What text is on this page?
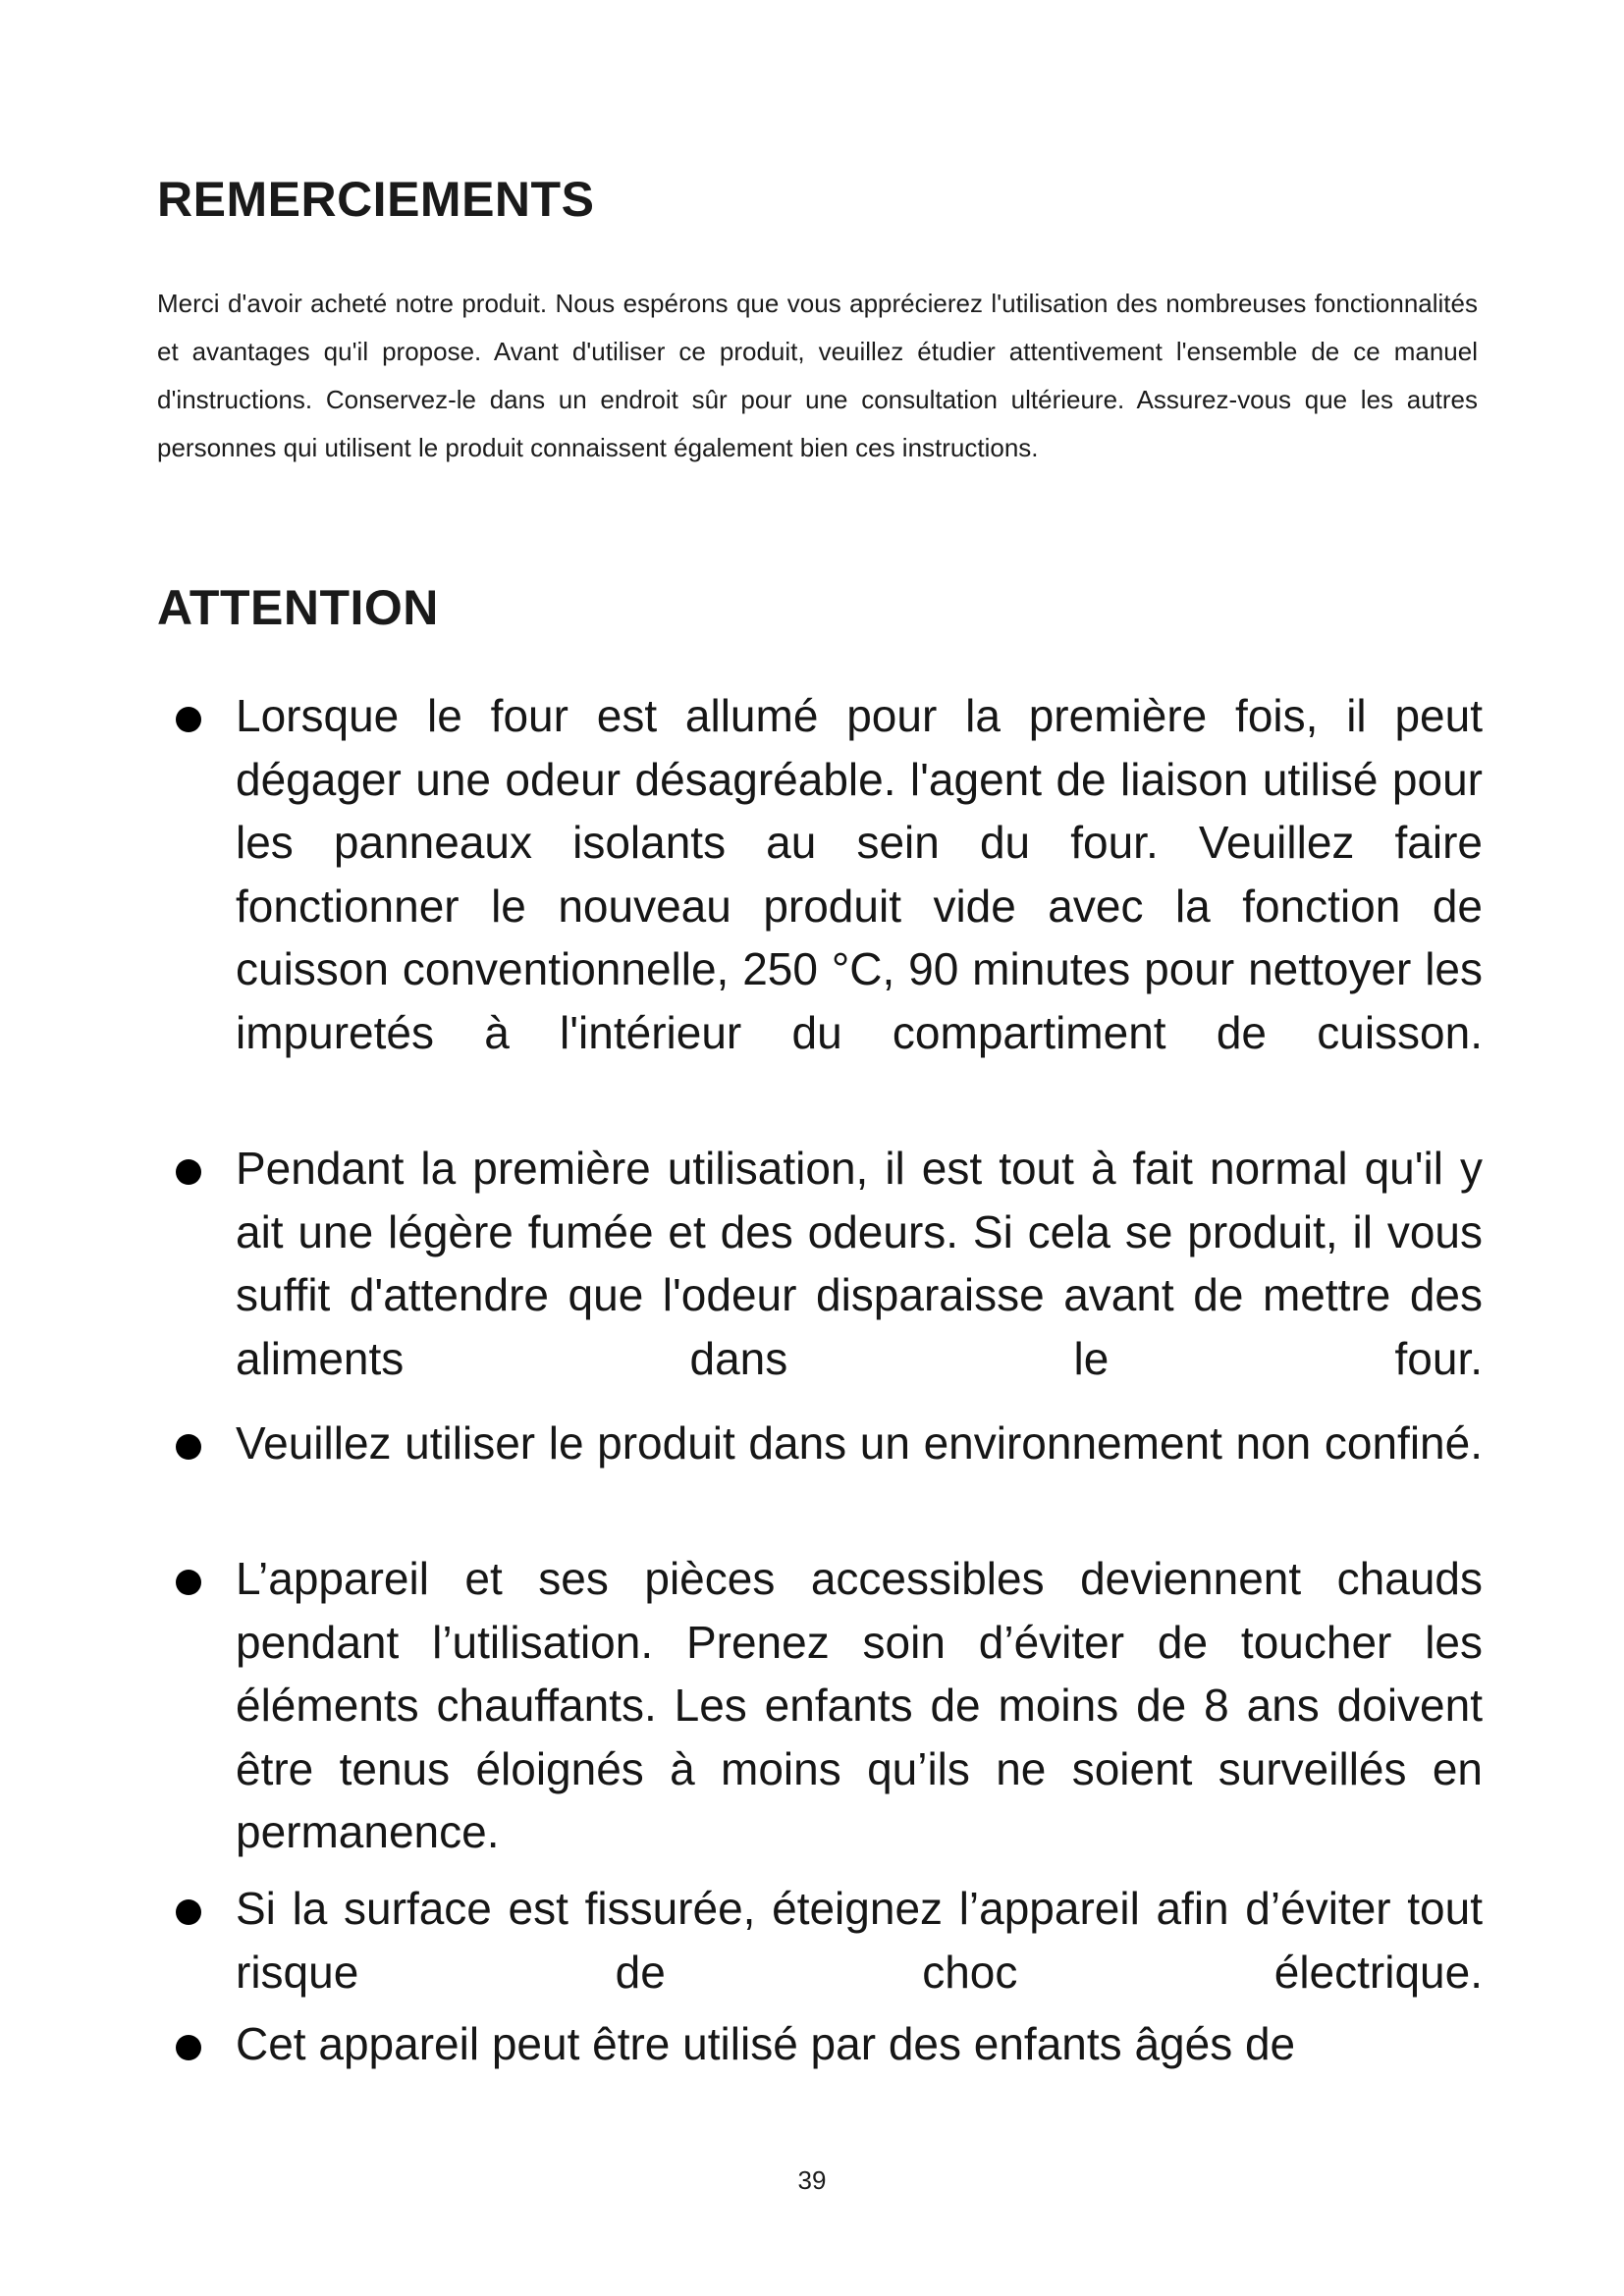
REMERCIEMENTS

Merci d'avoir acheté notre produit. Nous espérons que vous apprécierez l'utilisation des nombreuses fonctionnalités et avantages qu'il propose. Avant d'utiliser ce produit, veuillez étudier attentivement l'ensemble de ce manuel d'instructions. Conservez-le dans un endroit sûr pour une consultation ultérieure. Assurez-vous que les autres personnes qui utilisent le produit connaissent également bien ces instructions.

ATTENTION
Lorsque le four est allumé pour la première fois, il peut dégager une odeur désagréable. l'agent de liaison utilisé pour les panneaux isolants au sein du four. Veuillez faire fonctionner le nouveau produit vide avec la fonction de cuisson conventionnelle, 250 °C, 90 minutes pour nettoyer les impuretés à l'intérieur du compartiment de cuisson.
Pendant la première utilisation, il est tout à fait normal qu'il y ait une légère fumée et des odeurs. Si cela se produit, il vous suffit d'attendre que l'odeur disparaisse avant de mettre des aliments dans le four.
Veuillez utiliser le produit dans un environnement non confiné.
L’appareil et ses pièces accessibles deviennent chauds pendant l’utilisation. Prenez soin d’éviter de toucher les éléments chauffants. Les enfants de moins de 8 ans doivent être tenus éloignés à moins qu’ils ne soient surveillés en permanence.
Si la surface est fissurée, éteignez l’appareil afin d’éviter tout risque de choc électrique.
Cet appareil peut être utilisé par des enfants âgés de
39
